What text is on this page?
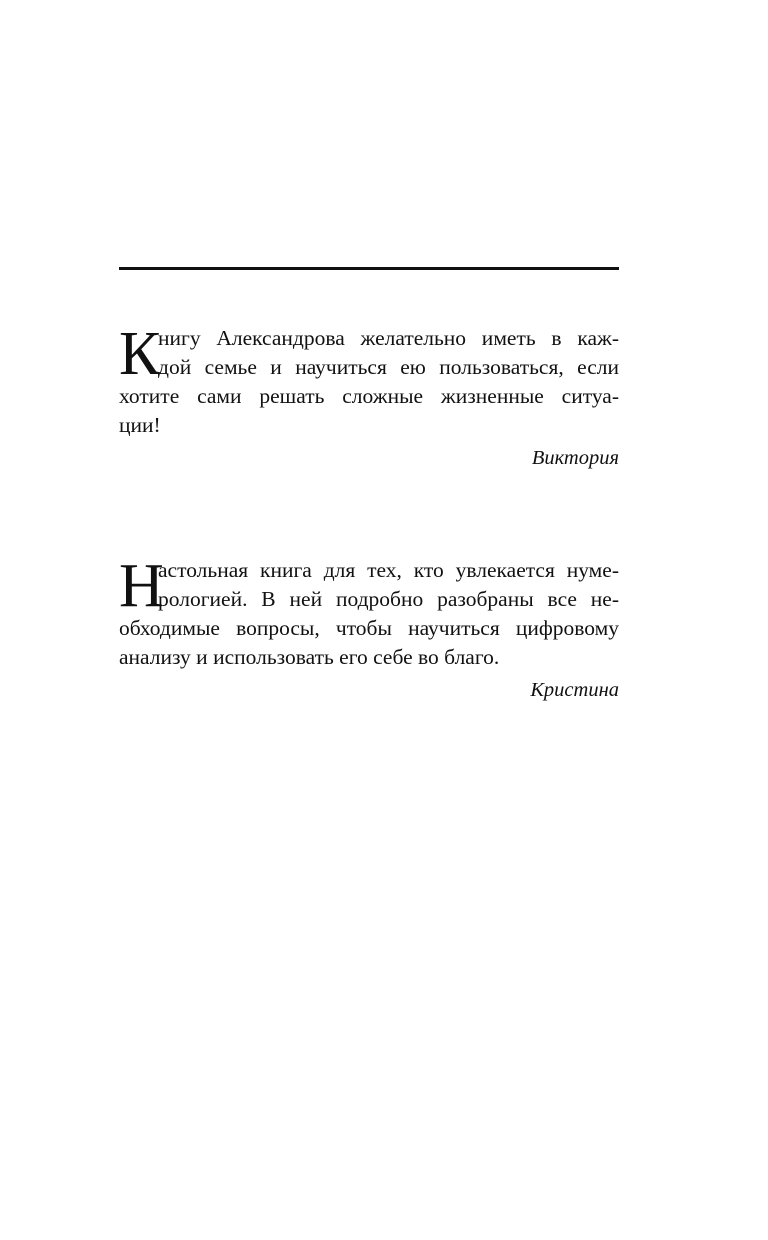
К
нигу Александрова желательно иметь в каж-
дой семье и научиться ею пользоваться, если
хотите сами решать сложные жизненные ситуа-
ции!
Виктория
Н
астольная книга для тех, кто увлекается нуме-
рологией. В ней подробно разобраны все не-
обходимые вопросы, чтобы научиться цифровому
анализу и использовать его себе во благо.
Кристина
